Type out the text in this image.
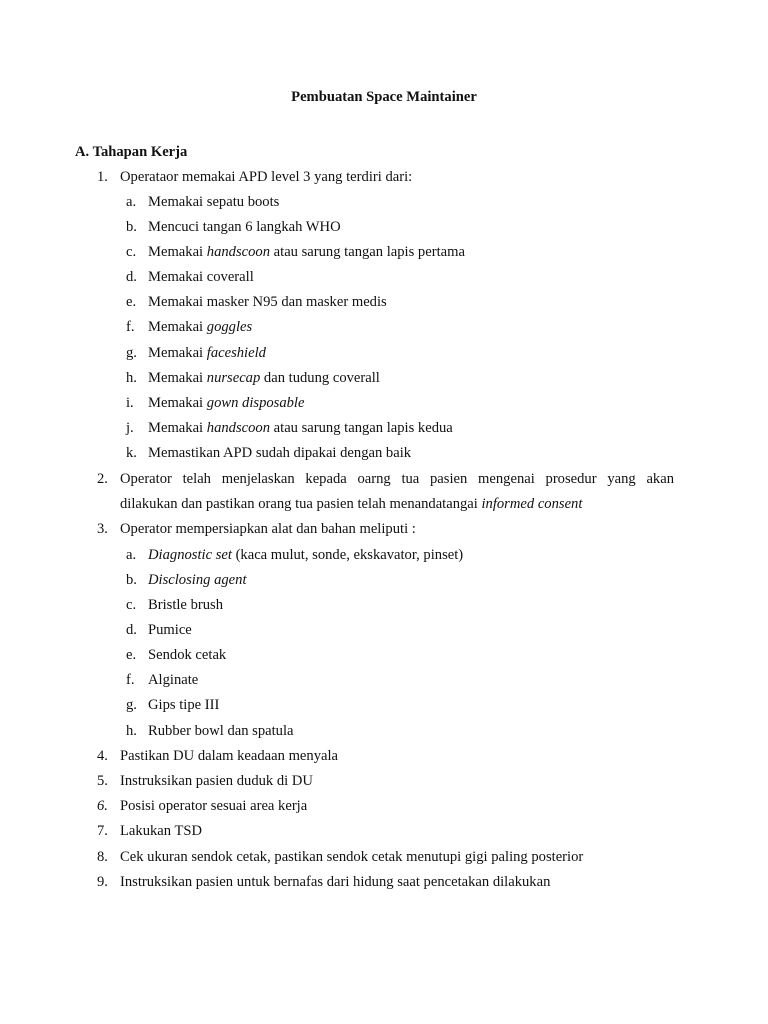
Pembuatan Space Maintainer
A. Tahapan Kerja
1. Operataor memakai APD level 3 yang terdiri dari:
a. Memakai sepatu boots
b. Mencuci tangan 6 langkah WHO
c. Memakai handscoon atau sarung tangan lapis pertama
d. Memakai coverall
e. Memakai masker N95 dan masker medis
f. Memakai goggles
g. Memakai faceshield
h. Memakai nursecap dan tudung coverall
i. Memakai gown disposable
j. Memakai handscoon atau sarung tangan lapis kedua
k. Memastikan APD sudah dipakai dengan baik
2. Operator telah menjelaskan kepada oarng tua pasien mengenai prosedur yang akan
dilakukan dan pastikan orang tua pasien telah menandatangai informed consent
3. Operator mempersiapkan alat dan bahan meliputi :
a. Diagnostic set (kaca mulut, sonde, ekskavator, pinset)
b. Disclosing agent
c. Bristle brush
d. Pumice
e. Sendok cetak
f. Alginate
g. Gips tipe III
h. Rubber bowl dan spatula
4. Pastikan DU dalam keadaan menyala
5. Instruksikan pasien duduk di DU
6. Posisi operator sesuai area kerja
7. Lakukan TSD
8. Cek ukuran sendok cetak, pastikan sendok cetak menutupi gigi paling posterior
9. Instruksikan pasien untuk bernafas dari hidung saat pencetakan dilakukan
